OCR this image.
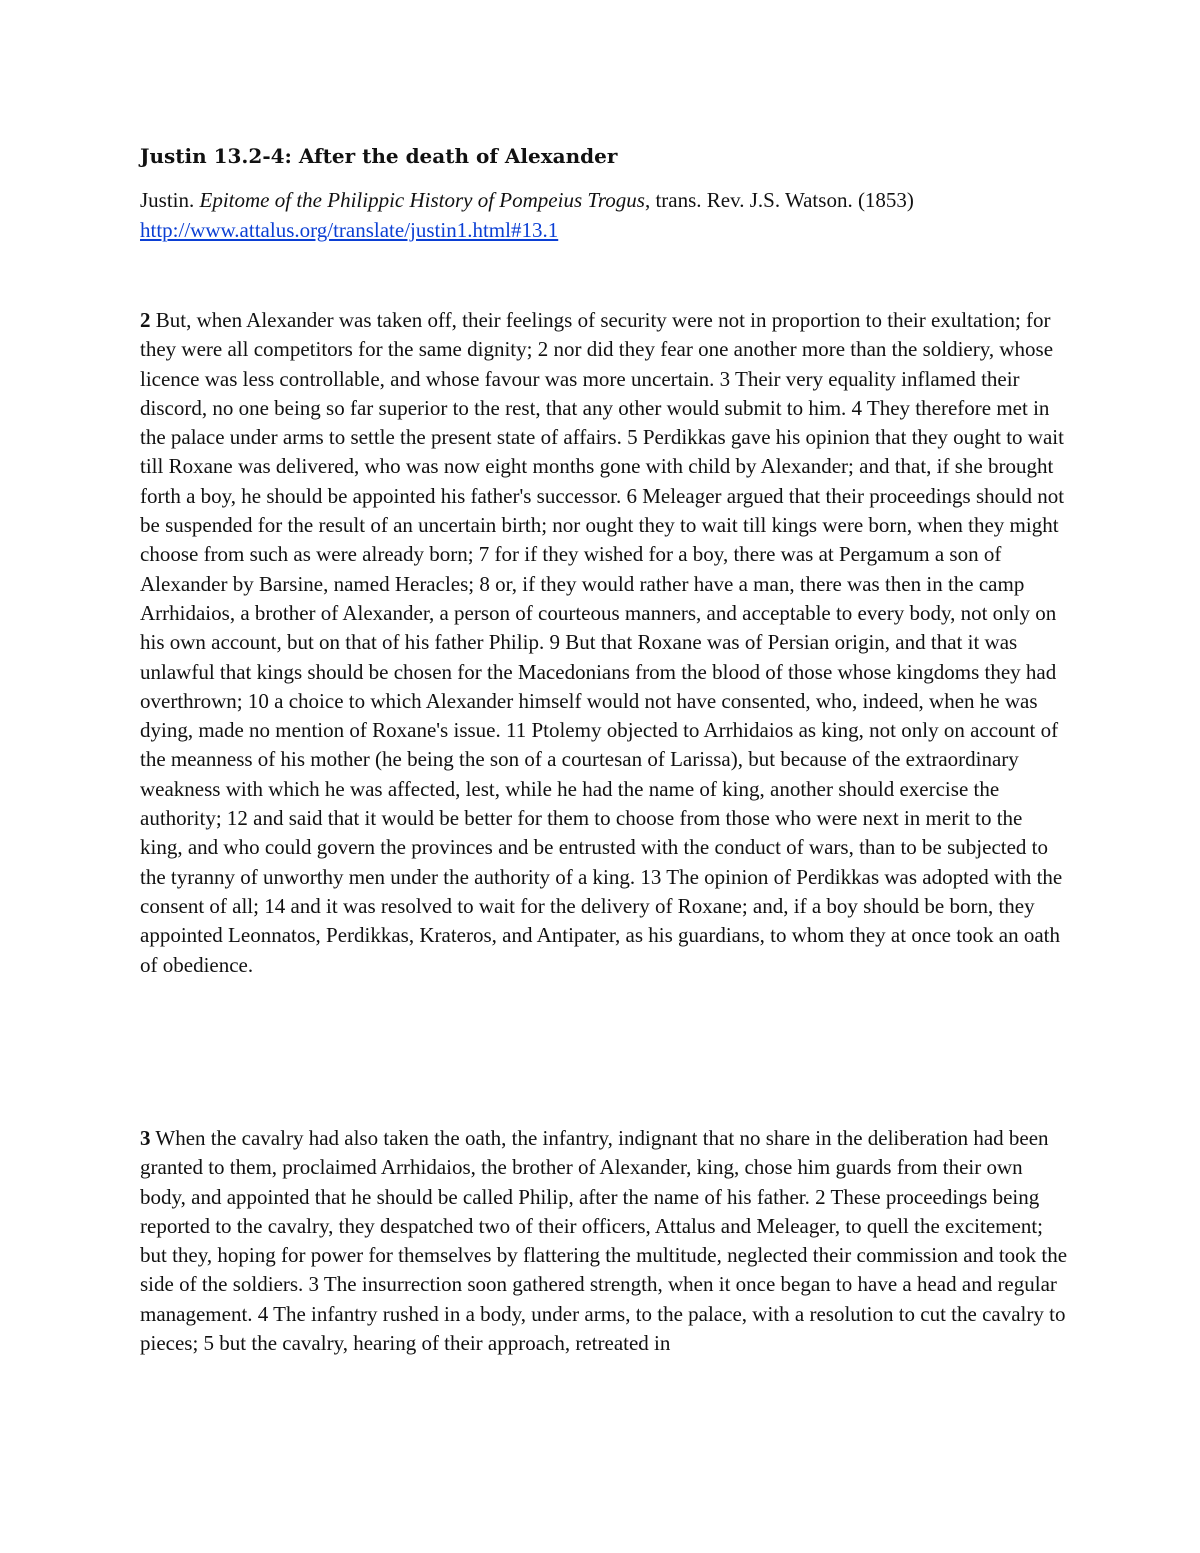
Justin 13.2-4: After the death of Alexander

Justin. Epitome of the Philippic History of Pompeius Trogus, trans. Rev. J.S. Watson. (1853)
http://www.attalus.org/translate/justin1.html#13.1

2 But, when Alexander was taken off, their feelings of security were not in proportion to their exultation; for they were all competitors for the same dignity; 2 nor did they fear one another more than the soldiery, whose licence was less controllable, and whose favour was more uncertain. 3 Their very equality inflamed their discord, no one being so far superior to the rest, that any other would submit to him. 4 They therefore met in the palace under arms to settle the present state of affairs. 5 Perdikkas gave his opinion that they ought to wait till Roxane was delivered, who was now eight months gone with child by Alexander; and that, if she brought forth a boy, he should be appointed his father's successor. 6 Meleager argued that their proceedings should not be suspended for the result of an uncertain birth; nor ought they to wait till kings were born, when they might choose from such as were already born; 7 for if they wished for a boy, there was at Pergamum a son of Alexander by Barsine, named Heracles; 8 or, if they would rather have a man, there was then in the camp Arrhidaios, a brother of Alexander, a person of courteous manners, and acceptable to every body, not only on his own account, but on that of his father Philip. 9 But that Roxane was of Persian origin, and that it was unlawful that kings should be chosen for the Macedonians from the blood of those whose kingdoms they had overthrown; 10 a choice to which Alexander himself would not have consented, who, indeed, when he was dying, made no mention of Roxane's issue. 11 Ptolemy objected to Arrhidaios as king, not only on account of the meanness of his mother (he being the son of a courtesan of Larissa), but because of the extraordinary weakness with which he was affected, lest, while he had the name of king, another should exercise the authority; 12 and said that it would be better for them to choose from those who were next in merit to the king, and who could govern the provinces and be entrusted with the conduct of wars, than to be subjected to the tyranny of unworthy men under the authority of a king. 13 The opinion of Perdikkas was adopted with the consent of all; 14 and it was resolved to wait for the delivery of Roxane; and, if a boy should be born, they appointed Leonnatos, Perdikkas, Krateros, and Antipater, as his guardians, to whom they at once took an oath of obedience.

3 When the cavalry had also taken the oath, the infantry, indignant that no share in the deliberation had been granted to them, proclaimed Arrhidaios, the brother of Alexander, king, chose him guards from their own body, and appointed that he should be called Philip, after the name of his father. 2 These proceedings being reported to the cavalry, they despatched two of their officers, Attalus and Meleager, to quell the excitement; but they, hoping for power for themselves by flattering the multitude, neglected their commission and took the side of the soldiers. 3 The insurrection soon gathered strength, when it once began to have a head and regular management. 4 The infantry rushed in a body, under arms, to the palace, with a resolution to cut the cavalry to pieces; 5 but the cavalry, hearing of their approach, retreated in
